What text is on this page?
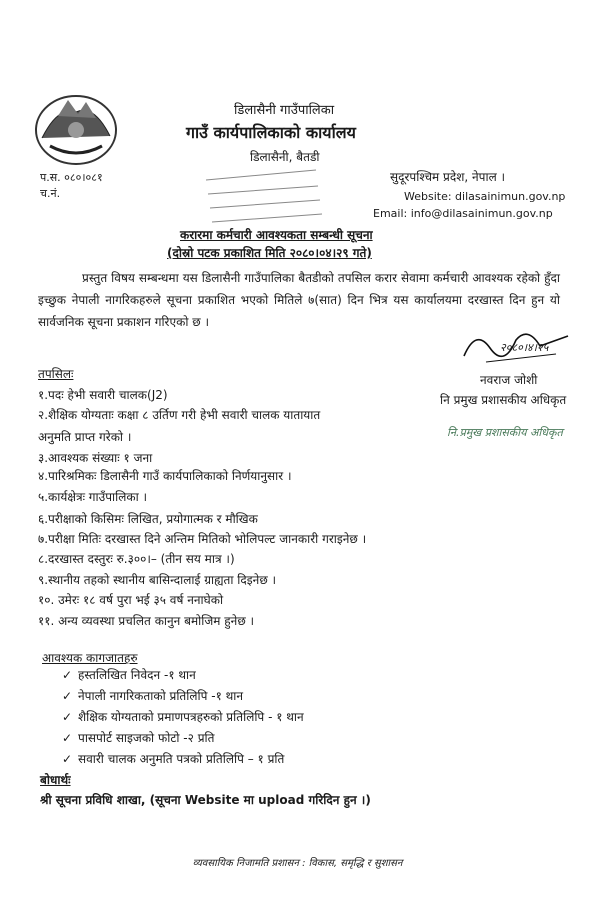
डिलासैनी गाउँपालिका
गाउँ कार्यपालिकाको कार्यालय
डिलासैनी, बैतडी
सुदूरपश्चिम प्रदेश, नेपाल ।
प.स. ०८०।०८१
च.नं.	Website: dilasainimun.gov.np
Email: info@dilasainimun.gov.np
करारमा कर्मचारी आवश्यकता सम्बन्धी सूचना
(दोस्रो पटक प्रकाशित मिति २०८०।०४।२९ गते)
प्रस्तुत विषय सम्बन्धमा यस डिलासैनी गाउँपालिका बैतडीको तपसिल करार सेवामा कर्मचारी आवश्यक रहेको हुँदा इच्छुक नेपाली नागरिकहरुले सूचना प्रकाशित भएको मितिले ७(सात) दिन भित्र यस कार्यालयमा दरखास्त दिन हुन यो सार्वजनिक सूचना प्रकाशन गरिएको छ ।
२०८०।४।२५
नवराज जोशी
नि प्रमुख प्रशासकीय अधिकृत
नि.प्रमुख प्रशासकीय अधिकृत
तपसिलः
१.पदः हेभी सवारी चालक(J2)
२.शैक्षिक योग्यताः कक्षा ८ उर्तिण गरी हेभी सवारी चालक यातायात
अनुमति प्राप्त गरेको ।
३.आवश्यक संख्याः १ जना
४.पारिश्रमिकः डिलासैनी गाउँ कार्यपालिकाको निर्णयानुसार ।
५.कार्यक्षेत्रः गाउँपालिका ।
६.परीक्षाको किसिमः लिखित, प्रयोगात्मक र मौखिक
७.परीक्षा मितिः दरखास्त दिने अन्तिम मितिको भोलिपल्ट जानकारी गराइनेछ ।
८.दरखास्त दस्तुरः रु.३००।– (तीन सय मात्र ।)
९.स्थानीय तहको स्थानीय बासिन्दालाई ग्राह्यता दिइनेछ ।
१०. उमेरः १८ वर्ष पुरा भई ३५ वर्ष ननाघेको
११. अन्य व्यवस्था प्रचलित कानुन बमोजिम हुनेछ ।
आवश्यक कागजातहरु
✓ हस्तलिखित निवेदन -१ थान
✓ नेपाली नागरिकताको प्रतिलिपि -१ थान
✓ शैक्षिक योग्यताको प्रमाणपत्रहरुको प्रतिलिपि - १ थान
✓ पासपोर्ट साइजको फोटो -२ प्रति
✓ सवारी चालक अनुमति पत्रको प्रतिलिपि – १ प्रति
बोधार्थः
श्री सूचना प्रविधि शाखा, (सूचना Website मा upload गरिदिन हुन ।)
व्यवसायिक निजामति प्रशासन : विकास, समृद्धि र सुशासन
